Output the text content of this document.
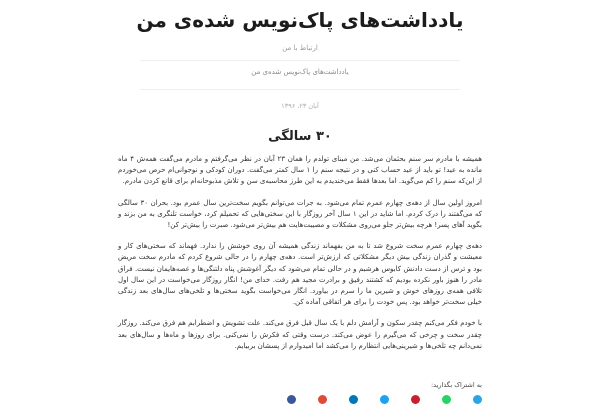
یادداشت‌های پاک‌نویس شده‌ی من
ارتباط با من
یادداشت‌های پاک‌نویس شده‌ی من
آبان ۲۳، ۱۳۹۶
۳۰ سالگی

همیشه با مادرم سر سنم بحثمان می‌شد. من مبنای تولدم را همان ۲۳ آبان در نظر می‌گرفتم و مادرم می‌گفت همه‌ش ۴ ماه مانده به عید! تو باید از عید حساب کنی و در نتیجه سنم را ۱ سال کمتر می‌گفت. دوران کودکی و نوجوانی‌ام حرص می‌خوردم از این‌که سنم را کم می‌گوید. اما بعدها فقط می‌خندیدم به این طرز محاسبه‌ی سن و تلاش مذبوحانه‌ام برای قانع کردن مادرم.

امروز اولین سال از دهه‌ی چهارم عمرم تمام می‌شود. به جرات می‌توانم بگویم سخت‌ترین سال عمرم بود. بحران ۳۰ سالگی که می‌گفتند را درک کردم. اما شاید در این ۱ سال آخر روزگار با این سختی‌هایی که تحمیلم کرد، خواست تلنگری به من بزند و بگوید آهای پسر! هرچه بیش‌تر جلو می‌روی مشکلات و مصیبت‌هایت هم بیش‌تر می‌شود. صبرت را بیش‌تر کن!

دهه‌ی چهارم عمرم سخت شروع شد تا به من بفهماند زندگی همیشه آن روی خوشش را ندارد. فهماند که سختی‌های کار و معیشت و گذران زندگی بیش دیگر مشکلاتی که ارزش‌تر است. دهه‌ی چهارم را در حالی شروع کردم که مادرم سخت مریض بود و ترس از دست دادنش کابوس هرشبم و در حالی تمام می‌شود که دیگر آغوشش پناه دلتنگی‌ها و غصه‌هایمان نیست. فراق مادر را هنوز باور نکرده بودیم که کشتند رفیق و برادرت مجید هم رفت. خدای من! انگار روزگار می‌خواست در این سال اول تلافی همه‌ی روزهای خوش و شیرین ما را سرم در بیاورد. انگار می‌خواست بگوید سختی‌ها و تلخی‌های سال‌های بعد زندگی خیلی سخت‌تر خواهد بود. پس خودت را برای هر اتفاقی آماده کن.

با خودم فکر می‌کنم چقدر سکون و آرامش دلم با یک سال قبل فرق می‌کند. علت تشویش و اضطرابم هم فرق می‌کند. روزگار چقدر سخت و چرخی که می‌گیرم را عوض می‌کند. درست وقتی که فکرش را نمی‌کنی. برای روزها و ماه‌ها و سال‌های بعد نمی‌دانم چه تلخی‌ها و شیرینی‌هایی انتظارم را می‌کشد اما امیدوارم از پسشان بربیایم.

به اشتراک بگذارید:
